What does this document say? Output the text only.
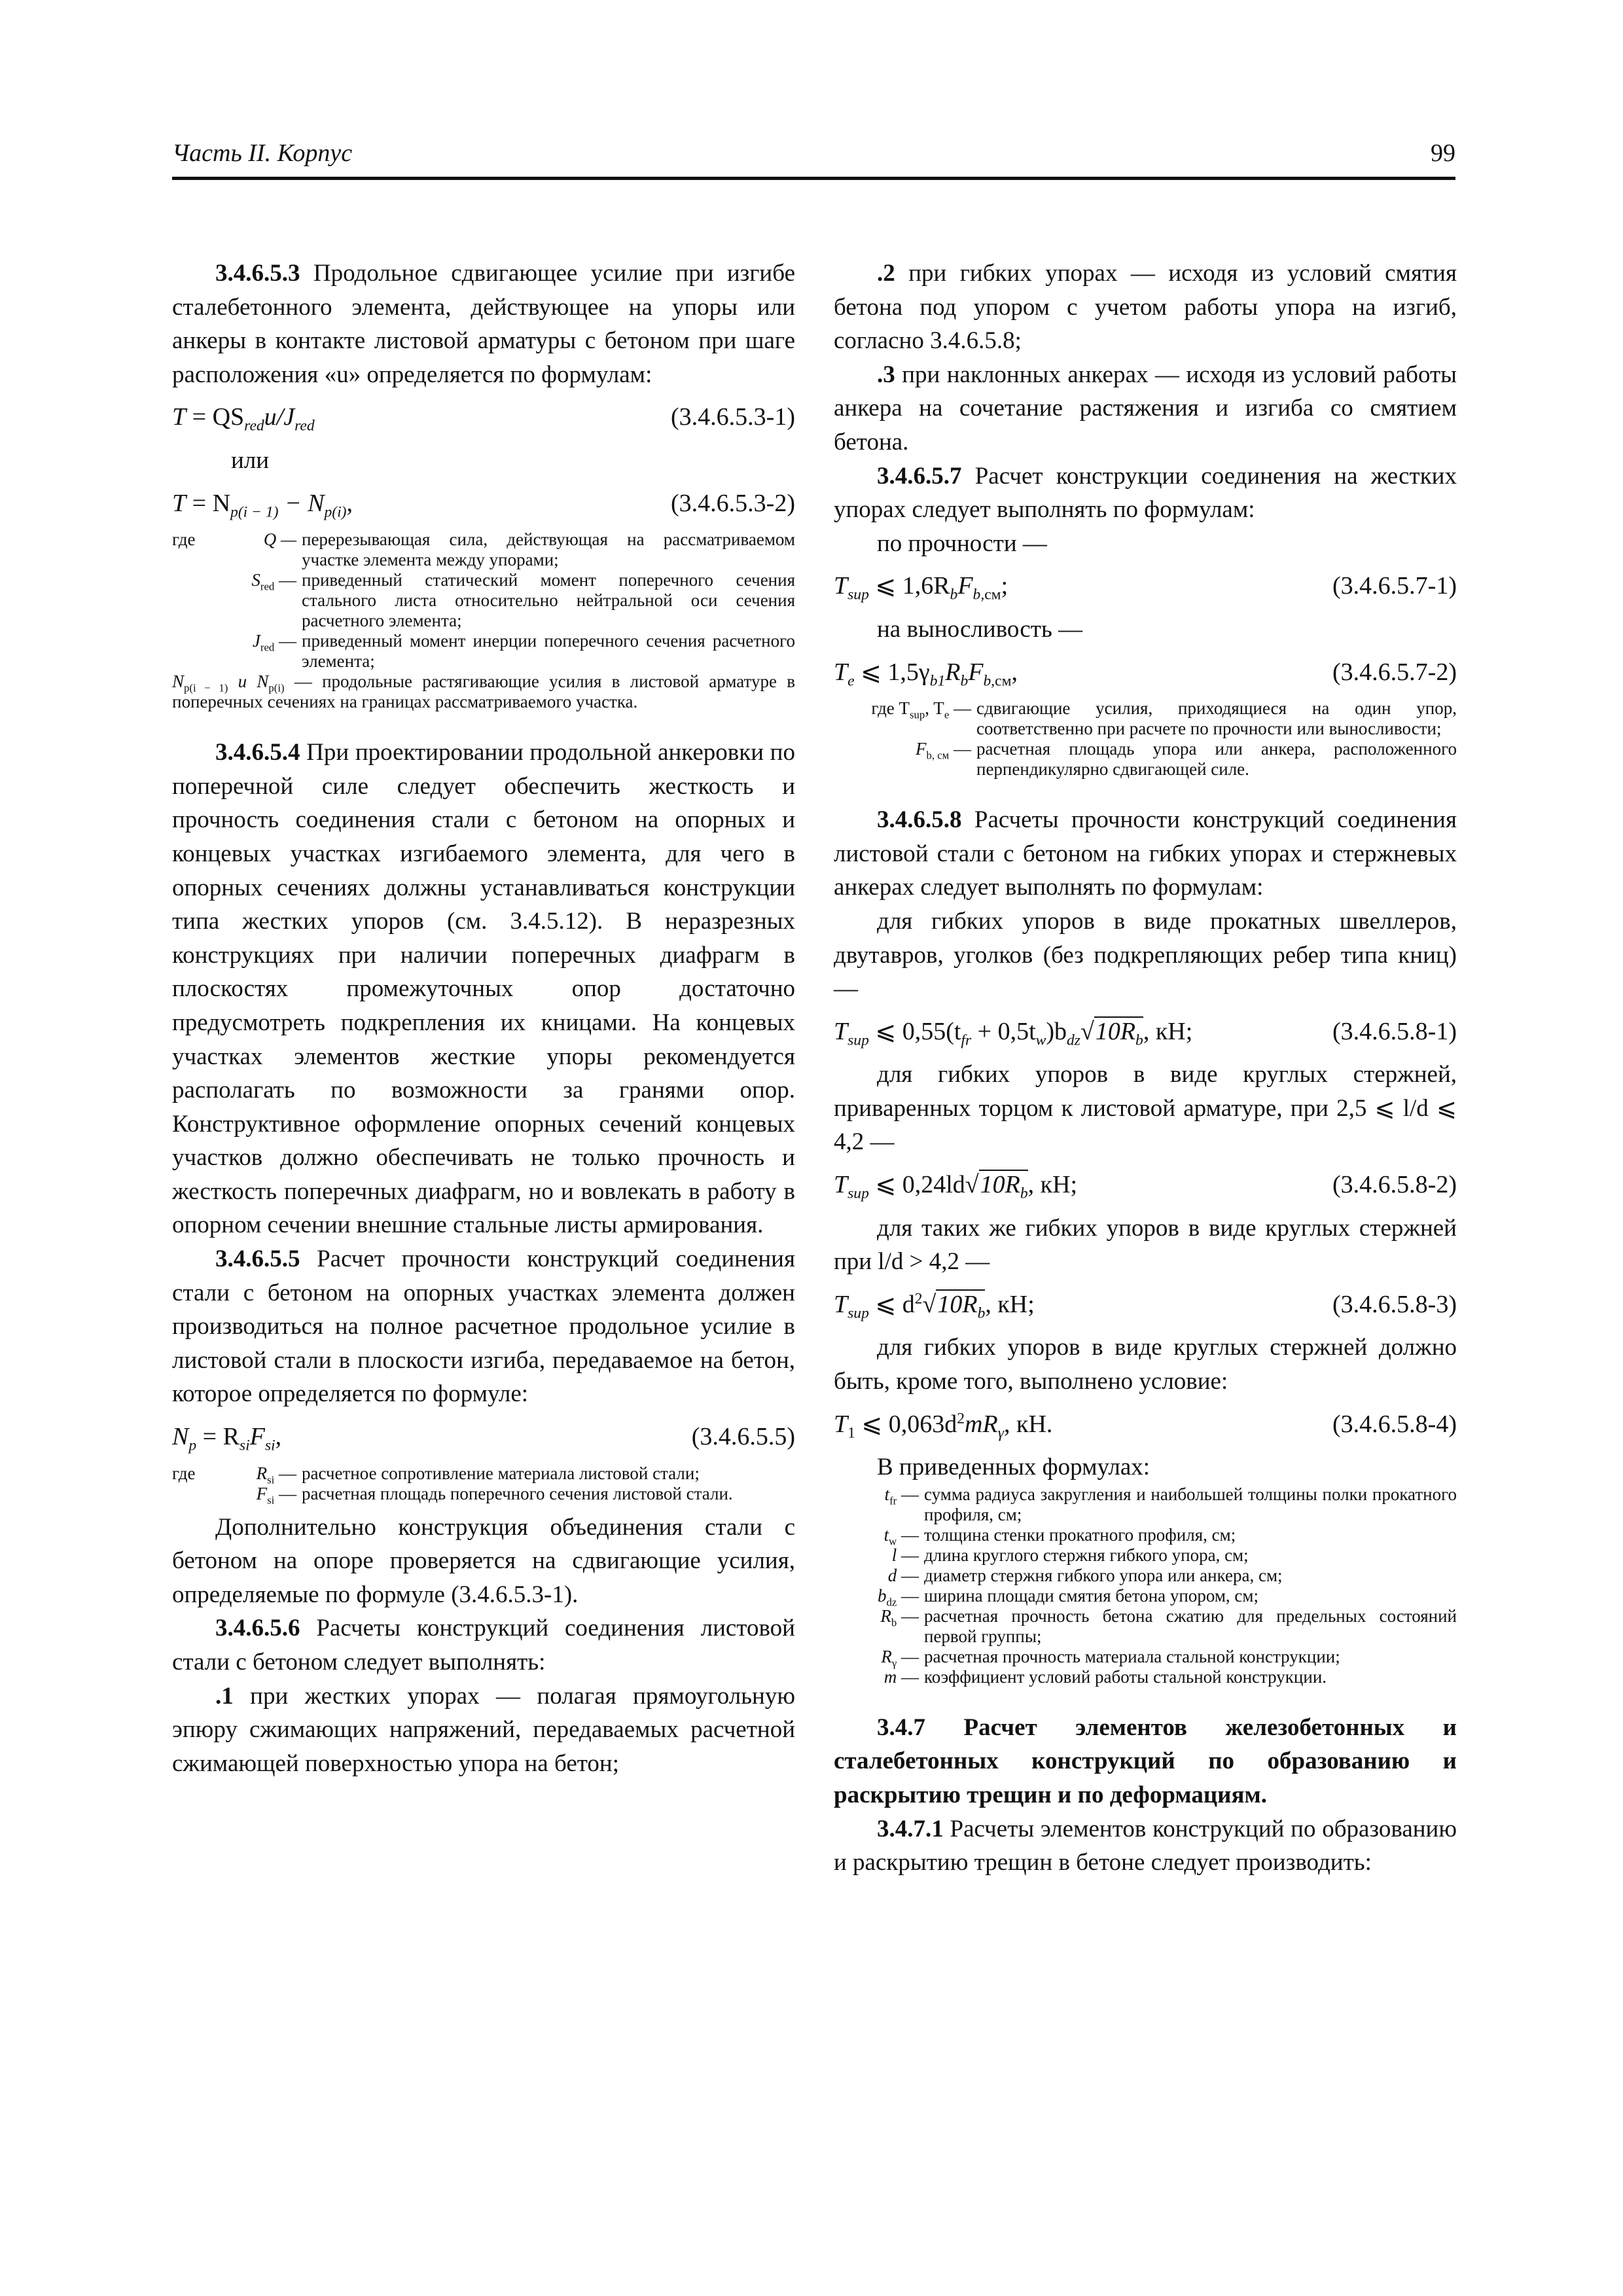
Часть II. Корпус	99

3.4.6.5.3 Продольное сдвигающее усилие при изгибе сталебетонного элемента, действующее на упоры или анкеры в контакте листовой арматуры с бетоном при шаге расположения «u» определяется по формулам:

$T = QS_{red}u/J_{red}$	(3.4.6.5.3-1)

или

$T = N_{p(i - 1)} - N_{p(i)}$,	(3.4.6.5.3-2)
где	Q — перерезывающая сила, действующая на рассматриваемом участке элемента между упорами;
$S_{red}$ — приведенный статический момент поперечного сечения стального листа относительно нейтральной оси сечения расчетного элемента;
$J_{red}$ — приведенный момент инерции поперечного сечения расчетного элемента;
$N_{p(i - 1)}$ и $N_{p(i)}$ — продольные растягивающие усилия в листовой арматуре в поперечных сечениях на границах рассматриваемого участка.

3.4.6.5.4 При проектировании продольной анкеровки по поперечной силе следует обеспечить жесткость и прочность соединения стали с бетоном на опорных и концевых участках изгибаемого элемента, для чего в опорных сечениях должны устанавливаться конструкции типа жестких упоров (см. 3.4.5.12). В неразрезных конструкциях при наличии поперечных диафрагм в плоскостях промежуточных опор достаточно предусмотреть подкрепления их кницами. На концевых участках элементов жесткие упоры рекомендуется располагать по возможности за гранями опор. Конструктивное оформление опорных сечений концевых участков должно обеспечивать не только прочность и жесткость поперечных диафрагм, но и вовлекать в работу в опорном сечении внешние стальные листы армирования.

3.4.6.5.5 Расчет прочности конструкций соединения стали с бетоном на опорных участках элемента должен производиться на полное расчетное продольное усилие в листовой стали в плоскости изгиба, передаваемое на бетон, которое определяется по формуле:

$N_p = R_{si}F_{si}$,	(3.4.6.5.5)
где	$R_{si}$ — расчетное сопротивление материала листовой стали;
$F_{si}$ — расчетная площадь поперечного сечения листовой стали.

Дополнительно конструкция объединения стали с бетоном на опоре проверяется на сдвигающие усилия, определяемые по формуле (3.4.6.5.3-1).

3.4.6.5.6 Расчеты конструкций соединения листовой стали с бетоном следует выполнять:

.1 при жестких упорах — полагая прямоугольную эпюру сжимающих напряжений, передаваемых расчетной сжимающей поверхностью упора на бетон;

.2 при гибких упорах — исходя из условий смятия бетона под упором с учетом работы упора на изгиб, согласно 3.4.6.5.8;

.3 при наклонных анкерах — исходя из условий работы анкера на сочетание растяжения и изгиба со смятием бетона.

3.4.6.5.7 Расчет конструкции соединения на жестких упорах следует выполнять по формулам:

по прочности —

$T_{sup}$ ⩽ $1,6R_bF_{b,см}$;	(3.4.6.5.7-1)

на выносливость —

$T_e$ ⩽ $1,5\gamma_{b1}R_bF_{b,см}$,	(3.4.6.5.7-2)
где $T_{sup}$, $T_e$ — сдвигающие усилия, приходящиеся на один упор, соответственно при расчете по прочности или выносливости;
$F_{b, см}$ — расчетная площадь упора или анкера, расположенного перпендикулярно сдвигающей силе.

3.4.6.5.8 Расчеты прочности конструкций соединения листовой стали с бетоном на гибких упорах и стержневых анкерах следует выполнять по формулам:

для гибких упоров в виде прокатных швеллеров, двутавров, уголков (без подкрепляющих ребер типа книц) —

$T_{sup}$ ⩽ $0,55(t_{fr} + 0,5t_w)b_{dz}√10R_b$, кН;	(3.4.6.5.8-1)

для гибких упоров в виде круглых стержней, приваренных торцом к листовой арматуре, при 2,5 ⩽ l/d ⩽ 4,2 —

$T_{sup}$ ⩽ $0,24ld√10R_b$, кН;	(3.4.6.5.8-2)

для таких же гибких упоров в виде круглых стержней при l/d > 4,2 —

$T_{sup}$ ⩽ $d^2√10R_b$, кН;	(3.4.6.5.8-3)

для гибких упоров в виде круглых стержней должно быть, кроме того, выполнено условие:

$T_1$ ⩽ $0,063d^2mR_\gamma$, кН.	(3.4.6.5.8-4)

В приведенных формулах:

$t_{fr}$ — сумма радиуса закругления и наибольшей толщины полки прокатного профиля, см;
$t_w$ — толщина стенки прокатного профиля, см;
l — длина круглого стержня гибкого упора, см;
d — диаметр стержня гибкого упора или анкера, см;
$b_{dz}$ — ширина площади смятия бетона упором, см;
$R_b$ — расчетная прочность бетона сжатию для предельных состояний первой группы;
$R_\gamma$ — расчетная прочность материала стальной конструкции;
m — коэффициент условий работы стальной конструкции.

3.4.7 Расчет элементов железобетонных и сталебетонных конструкций по образованию и раскрытию трещин и по деформациям.

3.4.7.1 Расчеты элементов конструкций по образованию и раскрытию трещин в бетоне следует производить:
